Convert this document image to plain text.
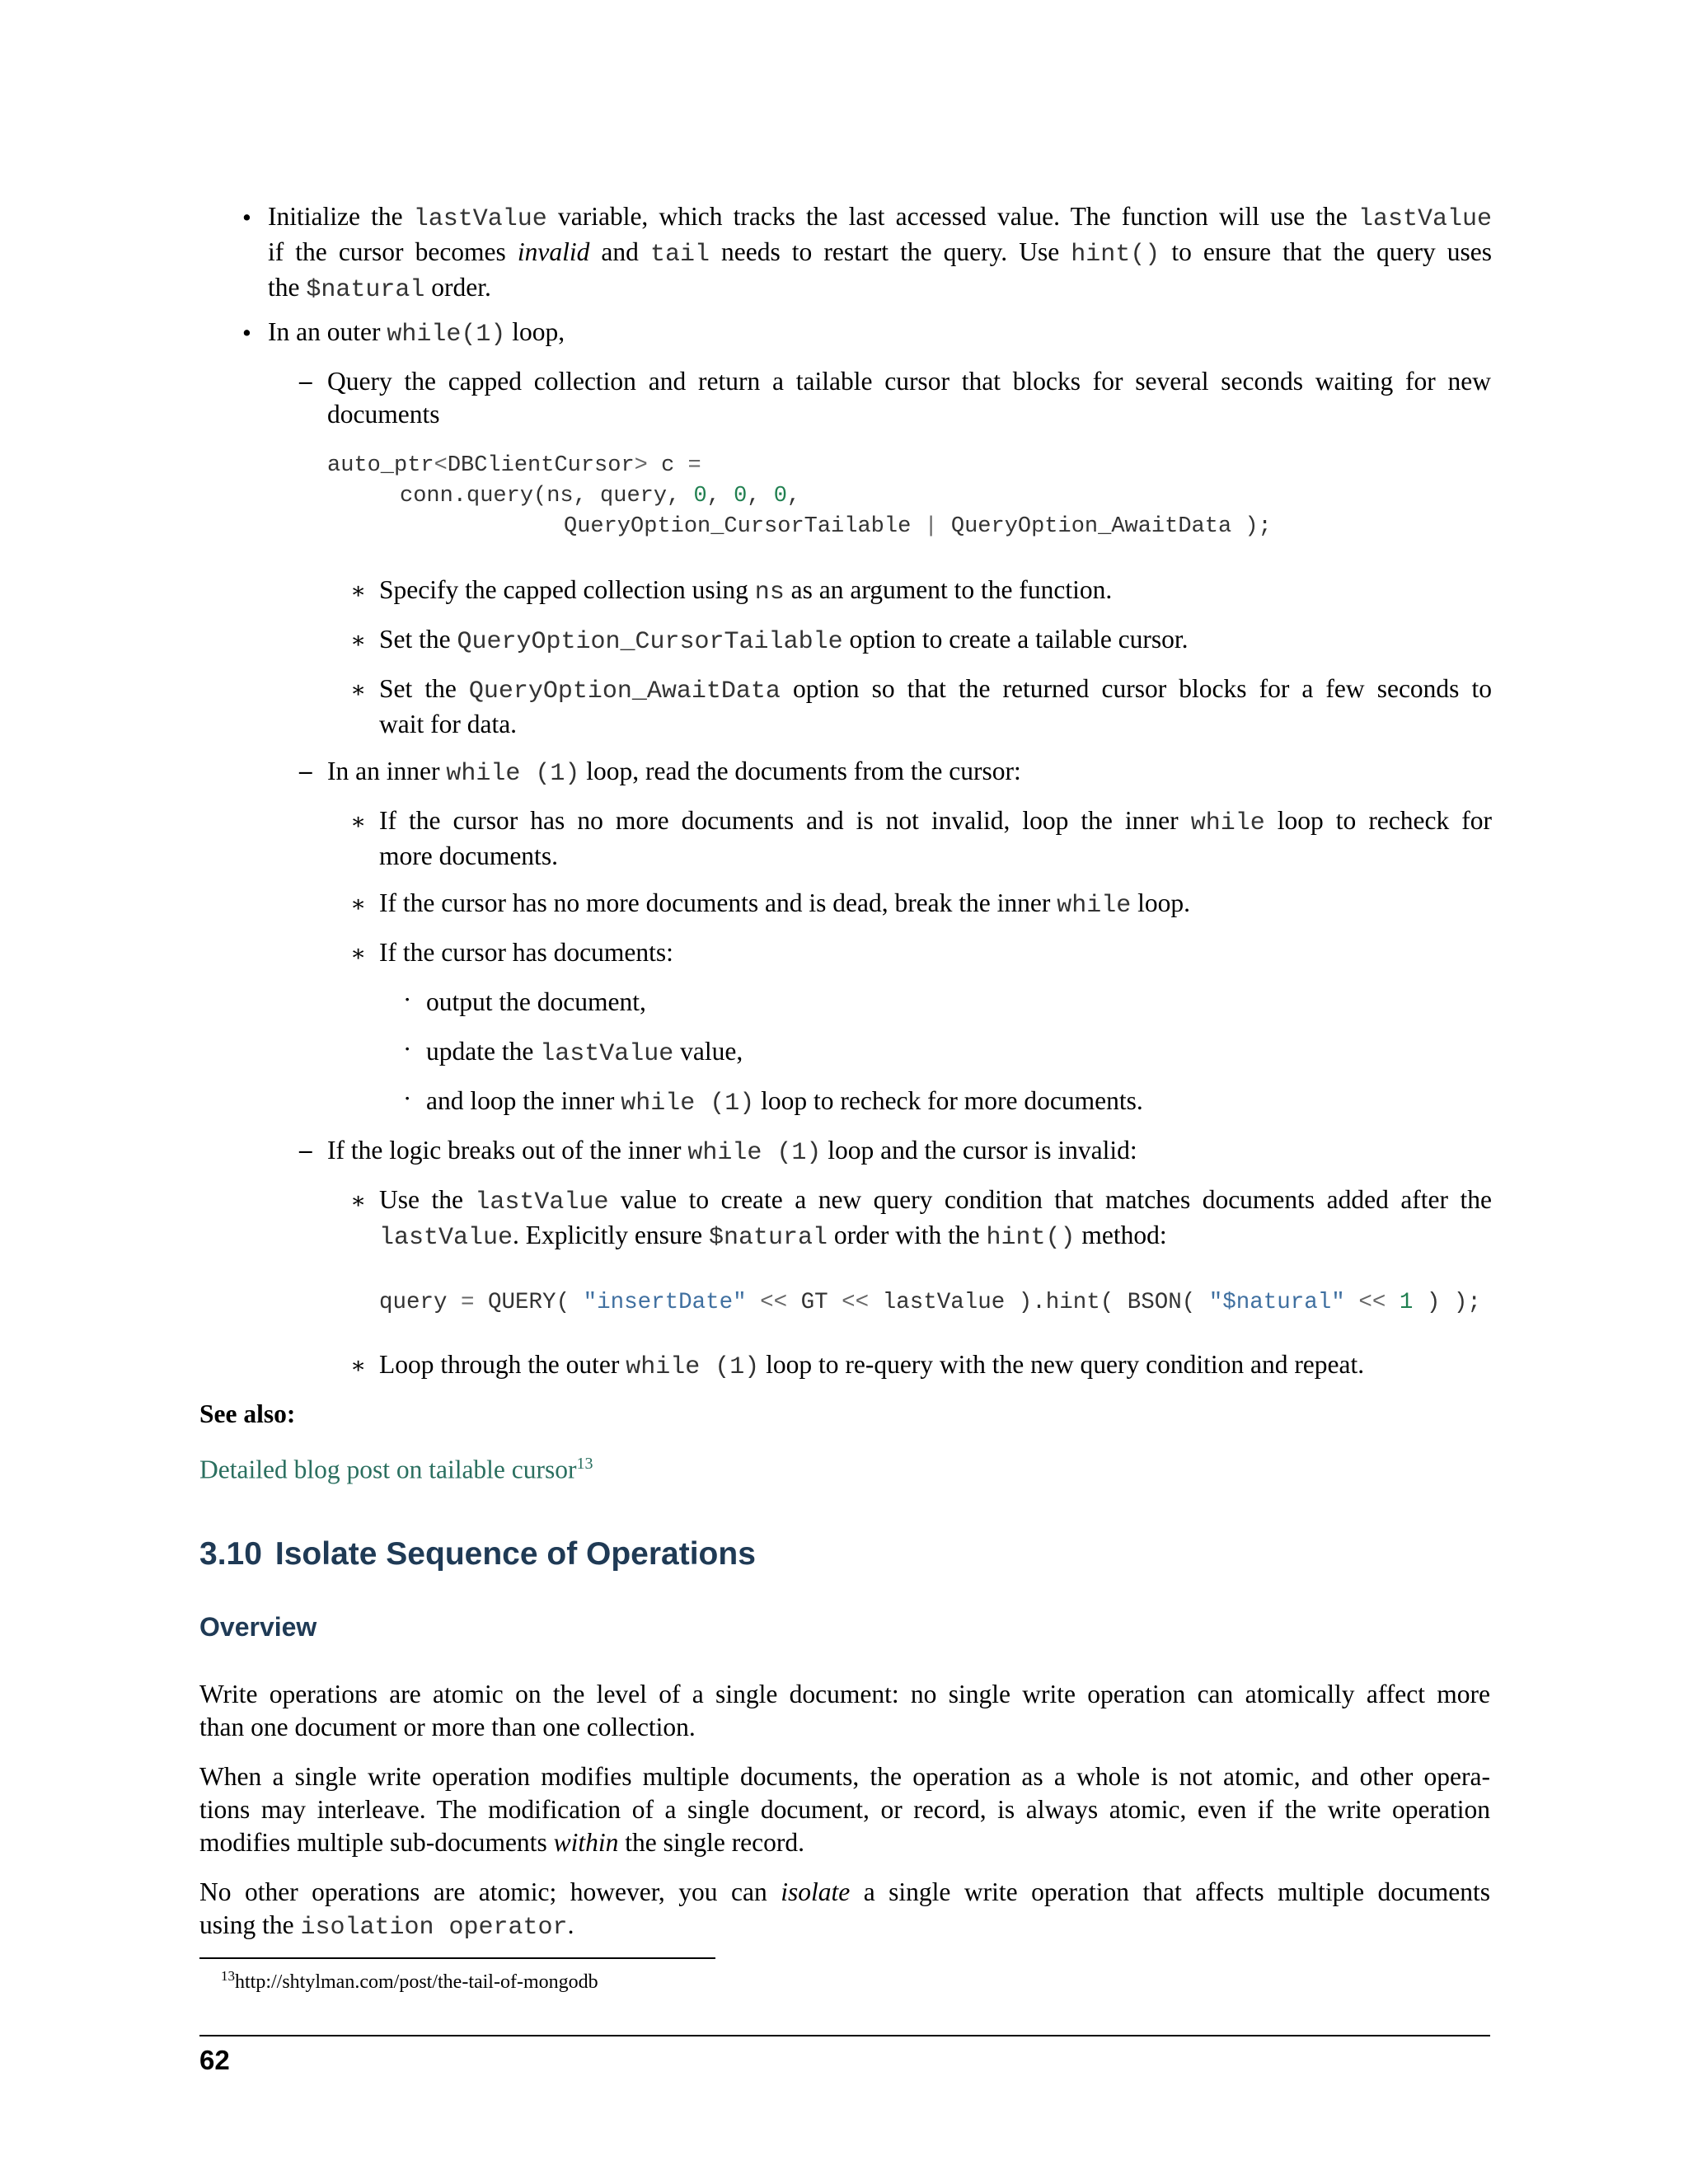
• Initialize the lastValue variable, which tracks the last accessed value. The function will use the lastValue
if the cursor becomes invalid and tail needs to restart the query. Use hint() to ensure that the query uses
the $natural order.
• In an outer while(1) loop,
– Query the capped collection and return a tailable cursor that blocks for several seconds waiting for new
documents
auto_ptr<DBClientCursor> c =
conn.query(ns, query, 0, 0, 0,
QueryOption_CursorTailable | QueryOption_AwaitData );
∗ Specify the capped collection using ns as an argument to the function.
∗ Set the QueryOption_CursorTailable option to create a tailable cursor.
∗ Set the QueryOption_AwaitData option so that the returned cursor blocks for a few seconds to
wait for data.
– In an inner while (1) loop, read the documents from the cursor:
∗ If the cursor has no more documents and is not invalid, loop the inner while loop to recheck for
more documents.
∗ If the cursor has no more documents and is dead, break the inner while loop.
∗ If the cursor has documents:
· output the document,
· update the lastValue value,
· and loop the inner while (1) loop to recheck for more documents.
– If the logic breaks out of the inner while (1) loop and the cursor is invalid:
∗ Use the lastValue value to create a new query condition that matches documents added after the
lastValue. Explicitly ensure $natural order with the hint() method:
query = QUERY( "insertDate" << GT << lastValue ).hint( BSON( "$natural" << 1 ) );
∗ Loop through the outer while (1) loop to re-query with the new query condition and repeat.
See also:
Detailed blog post on tailable cursor$^{13}$
3.10 Isolate Sequence of Operations
Overview
Write operations are atomic on the level of a single document: no single write operation can atomically affect more
than one document or more than one collection.
When a single write operation modifies multiple documents, the operation as a whole is not atomic, and other opera-
tions may interleave. The modification of a single document, or record, is always atomic, even if the write operation
modifies multiple sub-documents within the single record.
No other operations are atomic; however, you can isolate a single write operation that affects multiple documents
using the isolation operator.
$^{13}$http://shtylman.com/post/the-tail-of-mongodb
62
